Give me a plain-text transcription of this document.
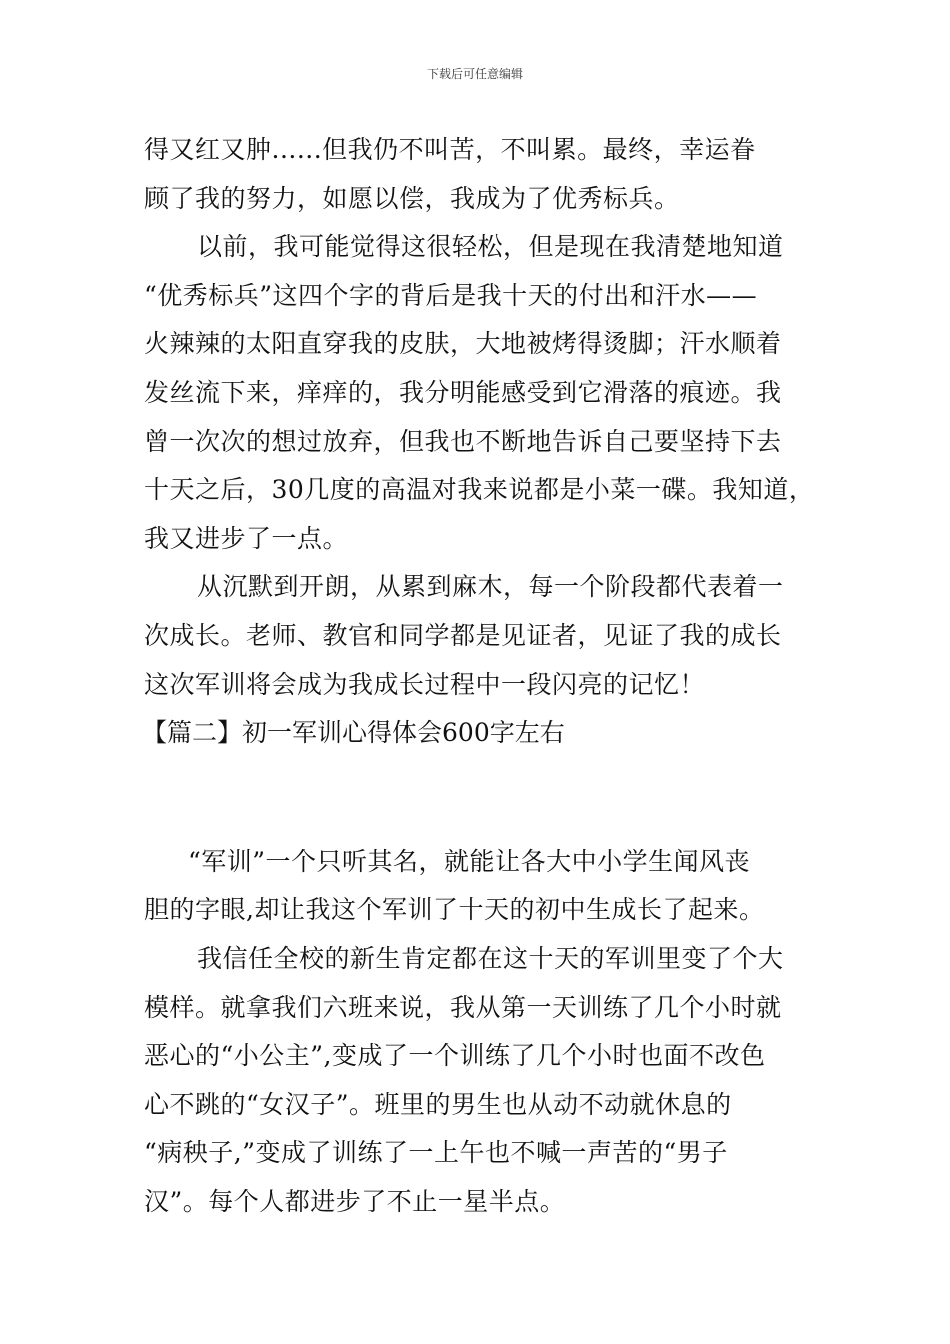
下载后可任意编辑
得又红又肿......但我仍不叫苦，不叫累。最终，幸运眷
顾了我的努力，如愿以偿，我成为了优秀标兵。
以前，我可能觉得这很轻松，但是现在我清楚地知道
“优秀标兵”这四个字的背后是我十天的付出和汗水——
火辣辣的太阳直穿我的皮肤，大地被烤得烫脚；汗水顺着
发丝流下来，痒痒的，我分明能感受到它滑落的痕迹。我
曾一次次的想过放弃，但我也不断地告诉自己要坚持下去
十天之后，30几度的高温对我来说都是小菜一碟。我知道，
我又进步了一点。
从沉默到开朗，从累到麻木，每一个阶段都代表着一
次成长。老师、教官和同学都是见证者，见证了我的成长
这次军训将会成为我成长过程中一段闪亮的记忆！
【篇二】初一军训心得体会600字左右
“军训”一个只听其名，就能让各大中小学生闻风丧
胆的字眼,却让我这个军训了十天的初中生成长了起来。
我信任全校的新生肯定都在这十天的军训里变了个大
模样。就拿我们六班来说，我从第一天训练了几个小时就
恶心的“小公主”,变成了一个训练了几个小时也面不改色
心不跳的“女汉子”。班里的男生也从动不动就休息的
“病秧子,”变成了训练了一上午也不喊一声苦的“男子
汉”。每个人都进步了不止一星半点。
